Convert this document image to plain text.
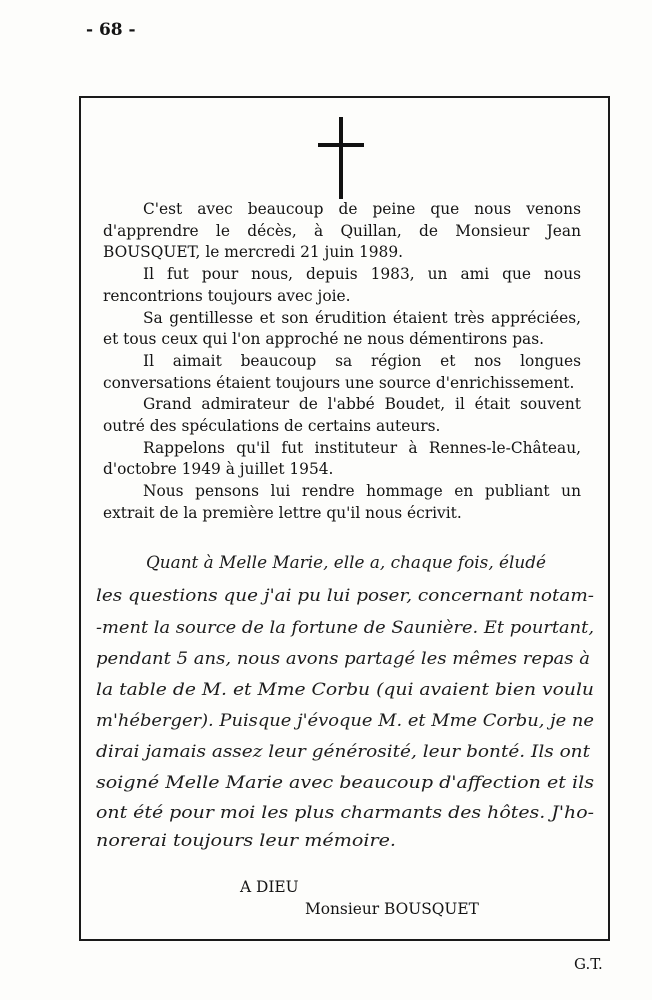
- 68 -

C'est avec beaucoup de peine que nous venons d'apprendre le décès, à Quillan, de Monsieur Jean BOUSQUET, le mercredi 21 juin 1989.

Il fut pour nous, depuis 1983, un ami que nous rencontrions toujours avec joie.

Sa gentillesse et son érudition étaient très appréciées, et tous ceux qui l'on approché ne nous démentirons pas.

Il aimait beaucoup sa région et nos longues conversations étaient toujours une source d'enrichissement.

Grand admirateur de l'abbé Boudet, il était souvent outré des spéculations de certains auteurs.

Rappelons qu'il fut instituteur à Rennes-le-Château, d'octobre 1949 à juillet 1954.

Nous pensons lui rendre hommage en publiant un extrait de la première lettre qu'il nous écrivit.

Quant à Melle Marie, elle a, chaque fois, éludé
les questions que j'ai pu lui poser, concernant notam-
-ment la source de la fortune de Saunière. Et pourtant,
pendant 5 ans, nous avons partagé les mêmes repas à
la table de M. et Mme Corbu (qui avaient bien voulu
m'héberger). Puisque j'évoque M. et Mme Corbu, je ne
dirai jamais assez leur générosité, leur bonté. Ils ont
soigné Melle Marie avec beaucoup d'affection et ils
ont été pour moi les plus charmants des hôtes. J'ho-
norerai toujours leur mémoire.
A DIEU
Monsieur BOUSQUET
G.T.
